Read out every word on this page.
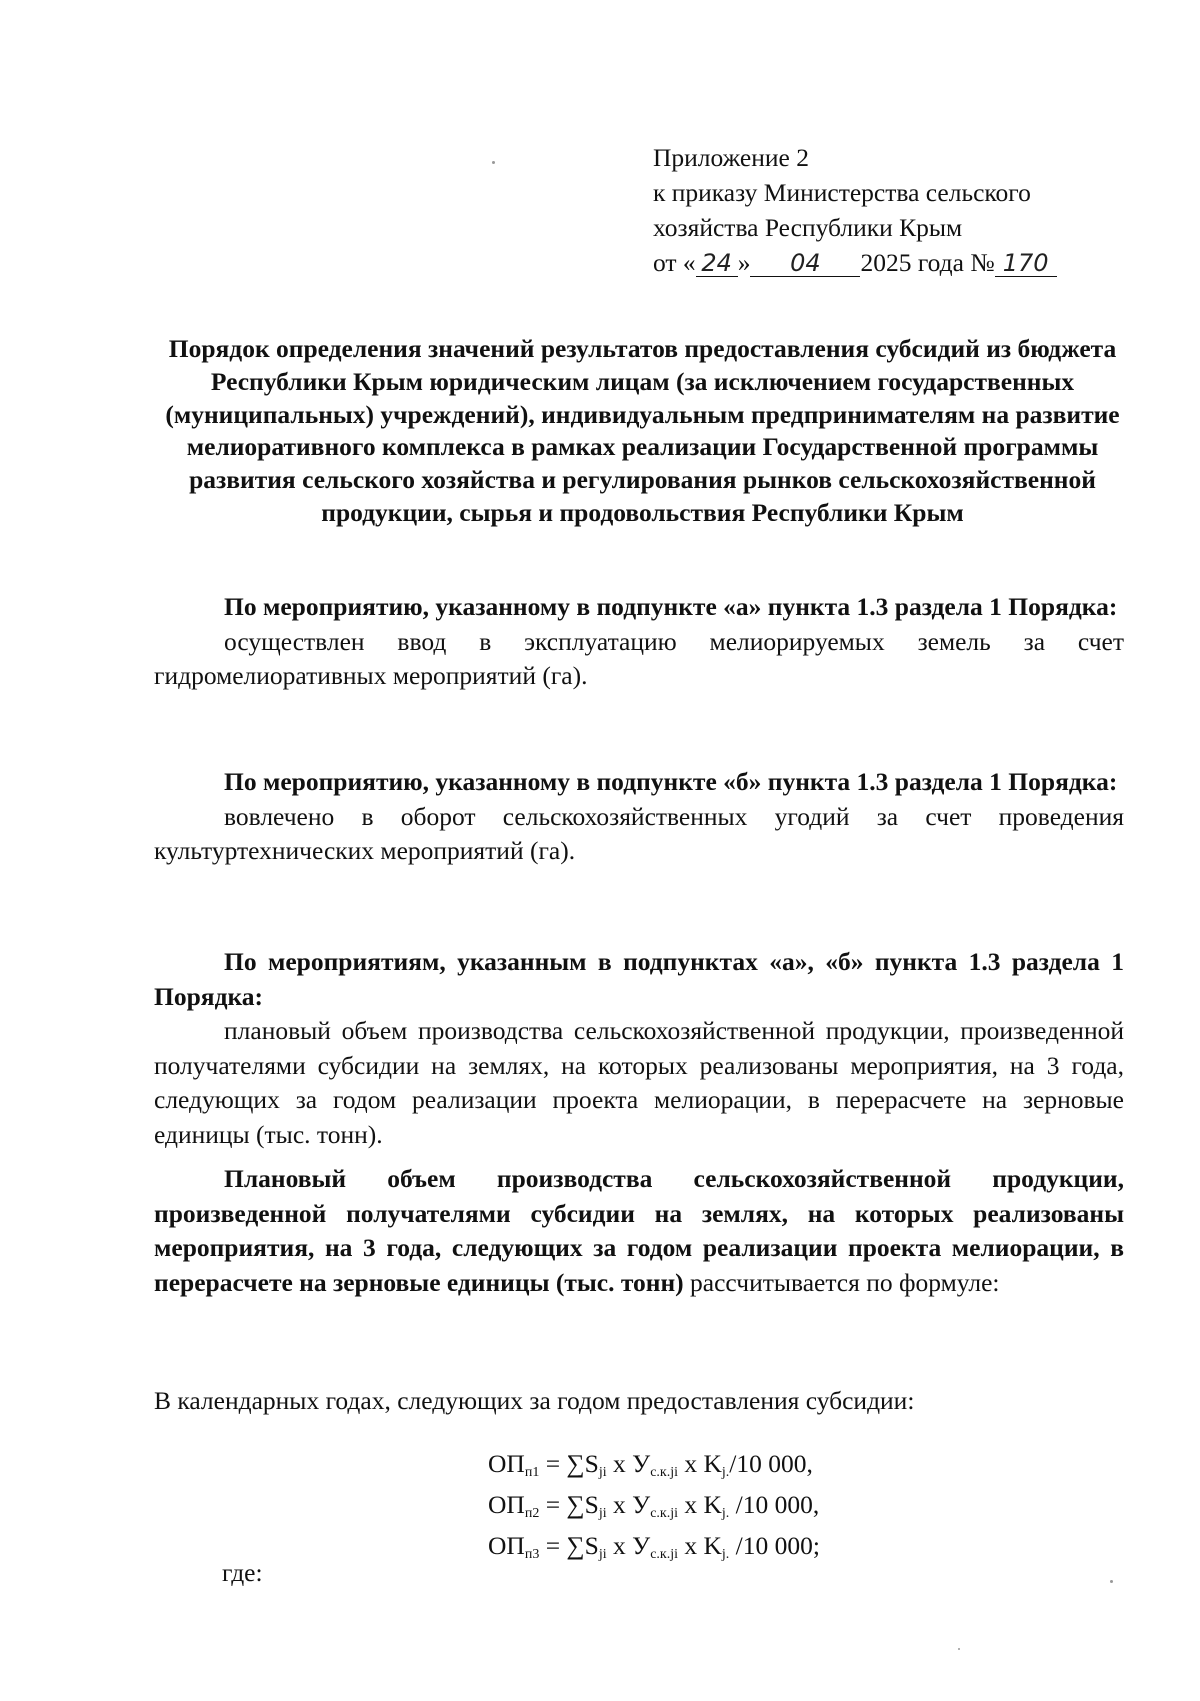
Приложение 2
к приказу Министерства сельского
хозяйства Республики Крым
от « 24 » 04 2025 года № 170
Порядок определения значений результатов предоставления субсидий из бюджета Республики Крым юридическим лицам (за исключением государственных (муниципальных) учреждений), индивидуальным предпринимателям на развитие мелиоративного комплекса в рамках реализации Государственной программы развития сельского хозяйства и регулирования рынков сельскохозяйственной продукции, сырья и продовольствия Республики Крым
По мероприятию, указанному в подпункте «а» пункта 1.3 раздела 1 Порядка:
осуществлен ввод в эксплуатацию мелиорируемых земель за счет гидромелиоративных мероприятий (га).
По мероприятию, указанному в подпункте «б» пункта 1.3 раздела 1 Порядка:
вовлечено в оборот сельскохозяйственных угодий за счет проведения культуртехнических мероприятий (га).
По мероприятиям, указанным в подпунктах «а», «б» пункта 1.3 раздела 1 Порядка:
плановый объем производства сельскохозяйственной продукции, произведенной получателями субсидии на землях, на которых реализованы мероприятия, на 3 года, следующих за годом реализации проекта мелиорации, в перерасчете на зерновые единицы (тыс. тонн).
Плановый объем производства сельскохозяйственной продукции, произведенной получателями субсидии на землях, на которых реализованы мероприятия, на 3 года, следующих за годом реализации проекта мелиорации, в перерасчете на зерновые единицы (тыс. тонн) рассчитывается по формуле:
В календарных годах, следующих за годом предоставления субсидии:
$ОП_{п1} = \sum S_{ji}$ x $У_{с.к.ji}$ x $K_{j.}/10$ 000,
$ОП_{п2} = \sum S_{ji}$ x $У_{с.к.ji}$ x $K_{j.}$ /10 000,
$ОП_{п3} = \sum S_{ji}$ x $У_{с.к.ji}$ x $K_{j.}$ /10 000;
где:
